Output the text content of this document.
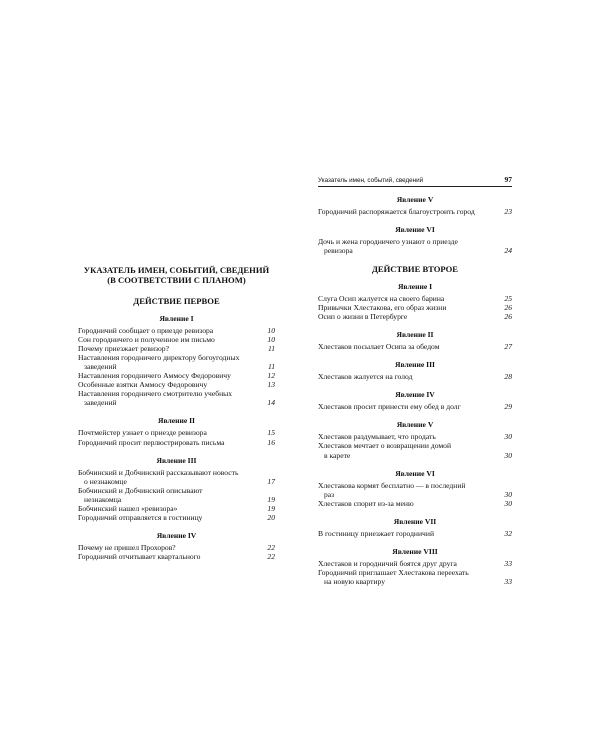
УКАЗАТЕЛЬ ИМЕН, СОБЫТИЙ, СВЕДЕНИЙ
(В СООТВЕТСТВИИ С ПЛАНОМ)
ДЕЙСТВИЕ ПЕРВОЕ
Явление I
Городничий сообщает о приезде ревизора	10
Сон городничего и полученное им письмо	10
Почему приезжает ревизор?	11
Наставления городничего директору богоугодных
заведений	11
Наставления городничего Аммосу Федоровичу	12
Особенные взятки Аммосу Федоровичу	13
Наставления городничего смотрителю учебных
заведений	14
Явление II
Почтмейстер узнает о приезде ревизора	15
Городничий просит перлюстрировать письма	16
Явление III
Бобчинский и Добчинский рассказывают новость
о незнакомце	17
Бобчинский и Добчинский описывают
незнакомца	19
Бобчинский нашел «ревизора»	19
Городничий отправляется в гостиницу	20
Явление IV
Почему не пришел Прохоров?	22
Городничий отчитывает квартального	22
Указатель имен, событий, сведений	97
Явление V
Городничий распоряжается благоустроить город	23
Явление VI
Дочь и жена городничего узнают о приезде
ревизора	24
ДЕЙСТВИЕ ВТОРОЕ
Явление I
Слуга Осип жалуется на своего барина	25
Привычки Хлестакова, его образ жизни	26
Осип о жизни в Петербурге	26
Явление II
Хлестаков посылает Осипа за обедом	27
Явление III
Хлестаков жалуется на голод	28
Явление IV
Хлестаков просит принести ему обед в долг	29
Явление V
Хлестаков раздумывает, что продать	30
Хлестаков мечтает о возвращении домой
в карете	30
Явление VI
Хлестакова кормят бесплатно — в последний
раз	30
Хлестаков спорит из-за меню	30
Явление VII
В гостиницу приезжает городничий	32
Явление VIII
Хлестаков и городничий боятся друг друга	33
Городничий приглашает Хлестакова переехать
на новую квартиру	33
